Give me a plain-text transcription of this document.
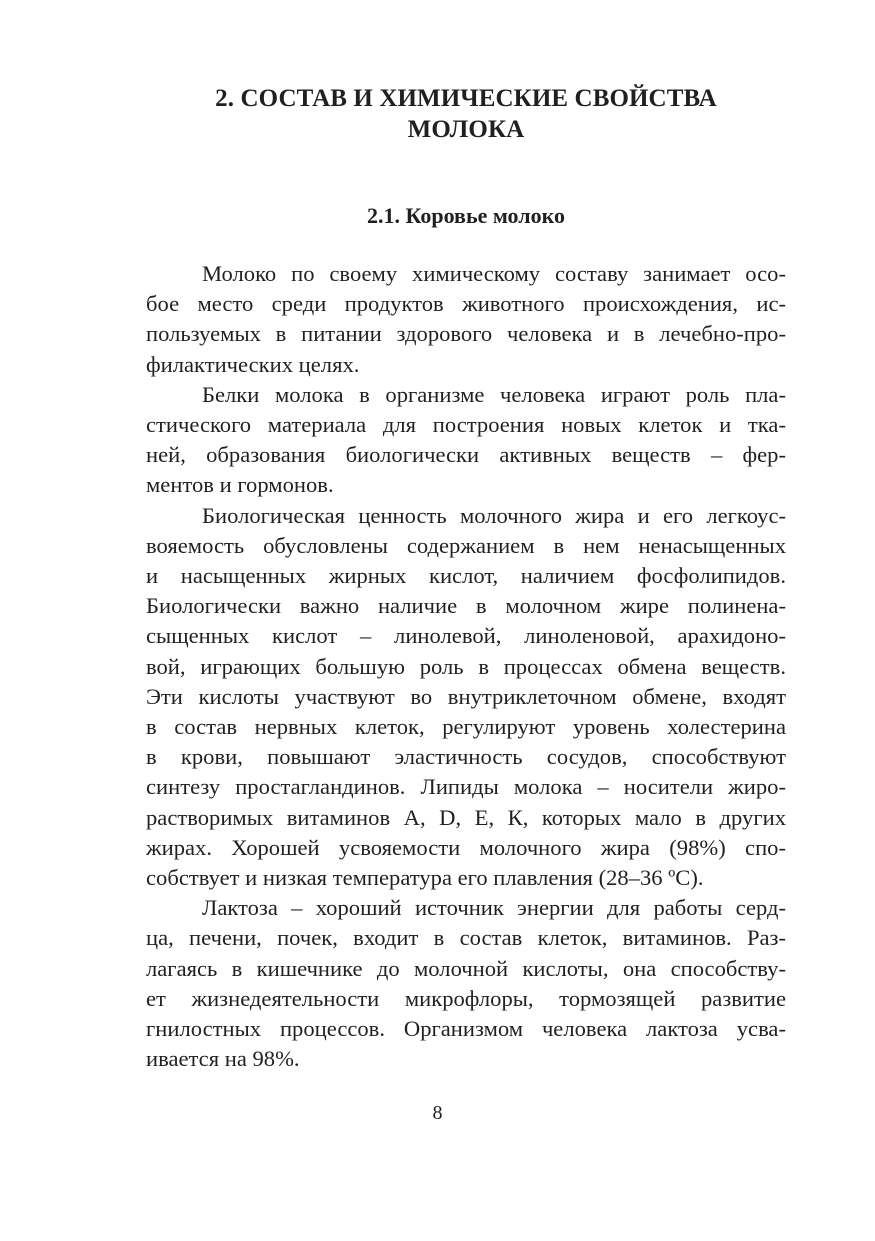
2. СОСТАВ И ХИМИЧЕСКИЕ СВОЙСТВА
МОЛОКА
2.1. Коровье молоко
Молоко по своему химическому составу занимает осо-
бое место среди продуктов животного происхождения, ис-
пользуемых в питании здорового человека и в лечебно-про-
филактических целях.
Белки молока в организме человека играют роль пла-
стического материала для построения новых клеток и тка-
ней, образования биологически активных веществ – фер-
ментов и гормонов.
Биологическая ценность молочного жира и его легкоус-
вояемость обусловлены содержанием в нем ненасыщенных
и насыщенных жирных кислот, наличием фосфолипидов.
Биологически важно наличие в молочном жире полинена-
сыщенных кислот – линолевой, линоленовой, арахидоно-
вой, играющих большую роль в процессах обмена веществ.
Эти кислоты участвуют во внутриклеточном обмене, входят
в состав нервных клеток, регулируют уровень холестерина
в крови, повышают эластичность сосудов, способствуют
синтезу простагландинов. Липиды молока – носители жиро-
растворимых витаминов A, D, E, К, которых мало в других
жирах. Хорошей усвояемости молочного жира (98%) спо-
собствует и низкая температура его плавления (28–36 ºС).
Лактоза – хороший источник энергии для работы серд-
ца, печени, почек, входит в состав клеток, витаминов. Раз-
лагаясь в кишечнике до молочной кислоты, она способству-
ет жизнедеятельности микрофлоры, тормозящей развитие
гнилостных процессов. Организмом человека лактоза усва-
ивается на 98%.
8
